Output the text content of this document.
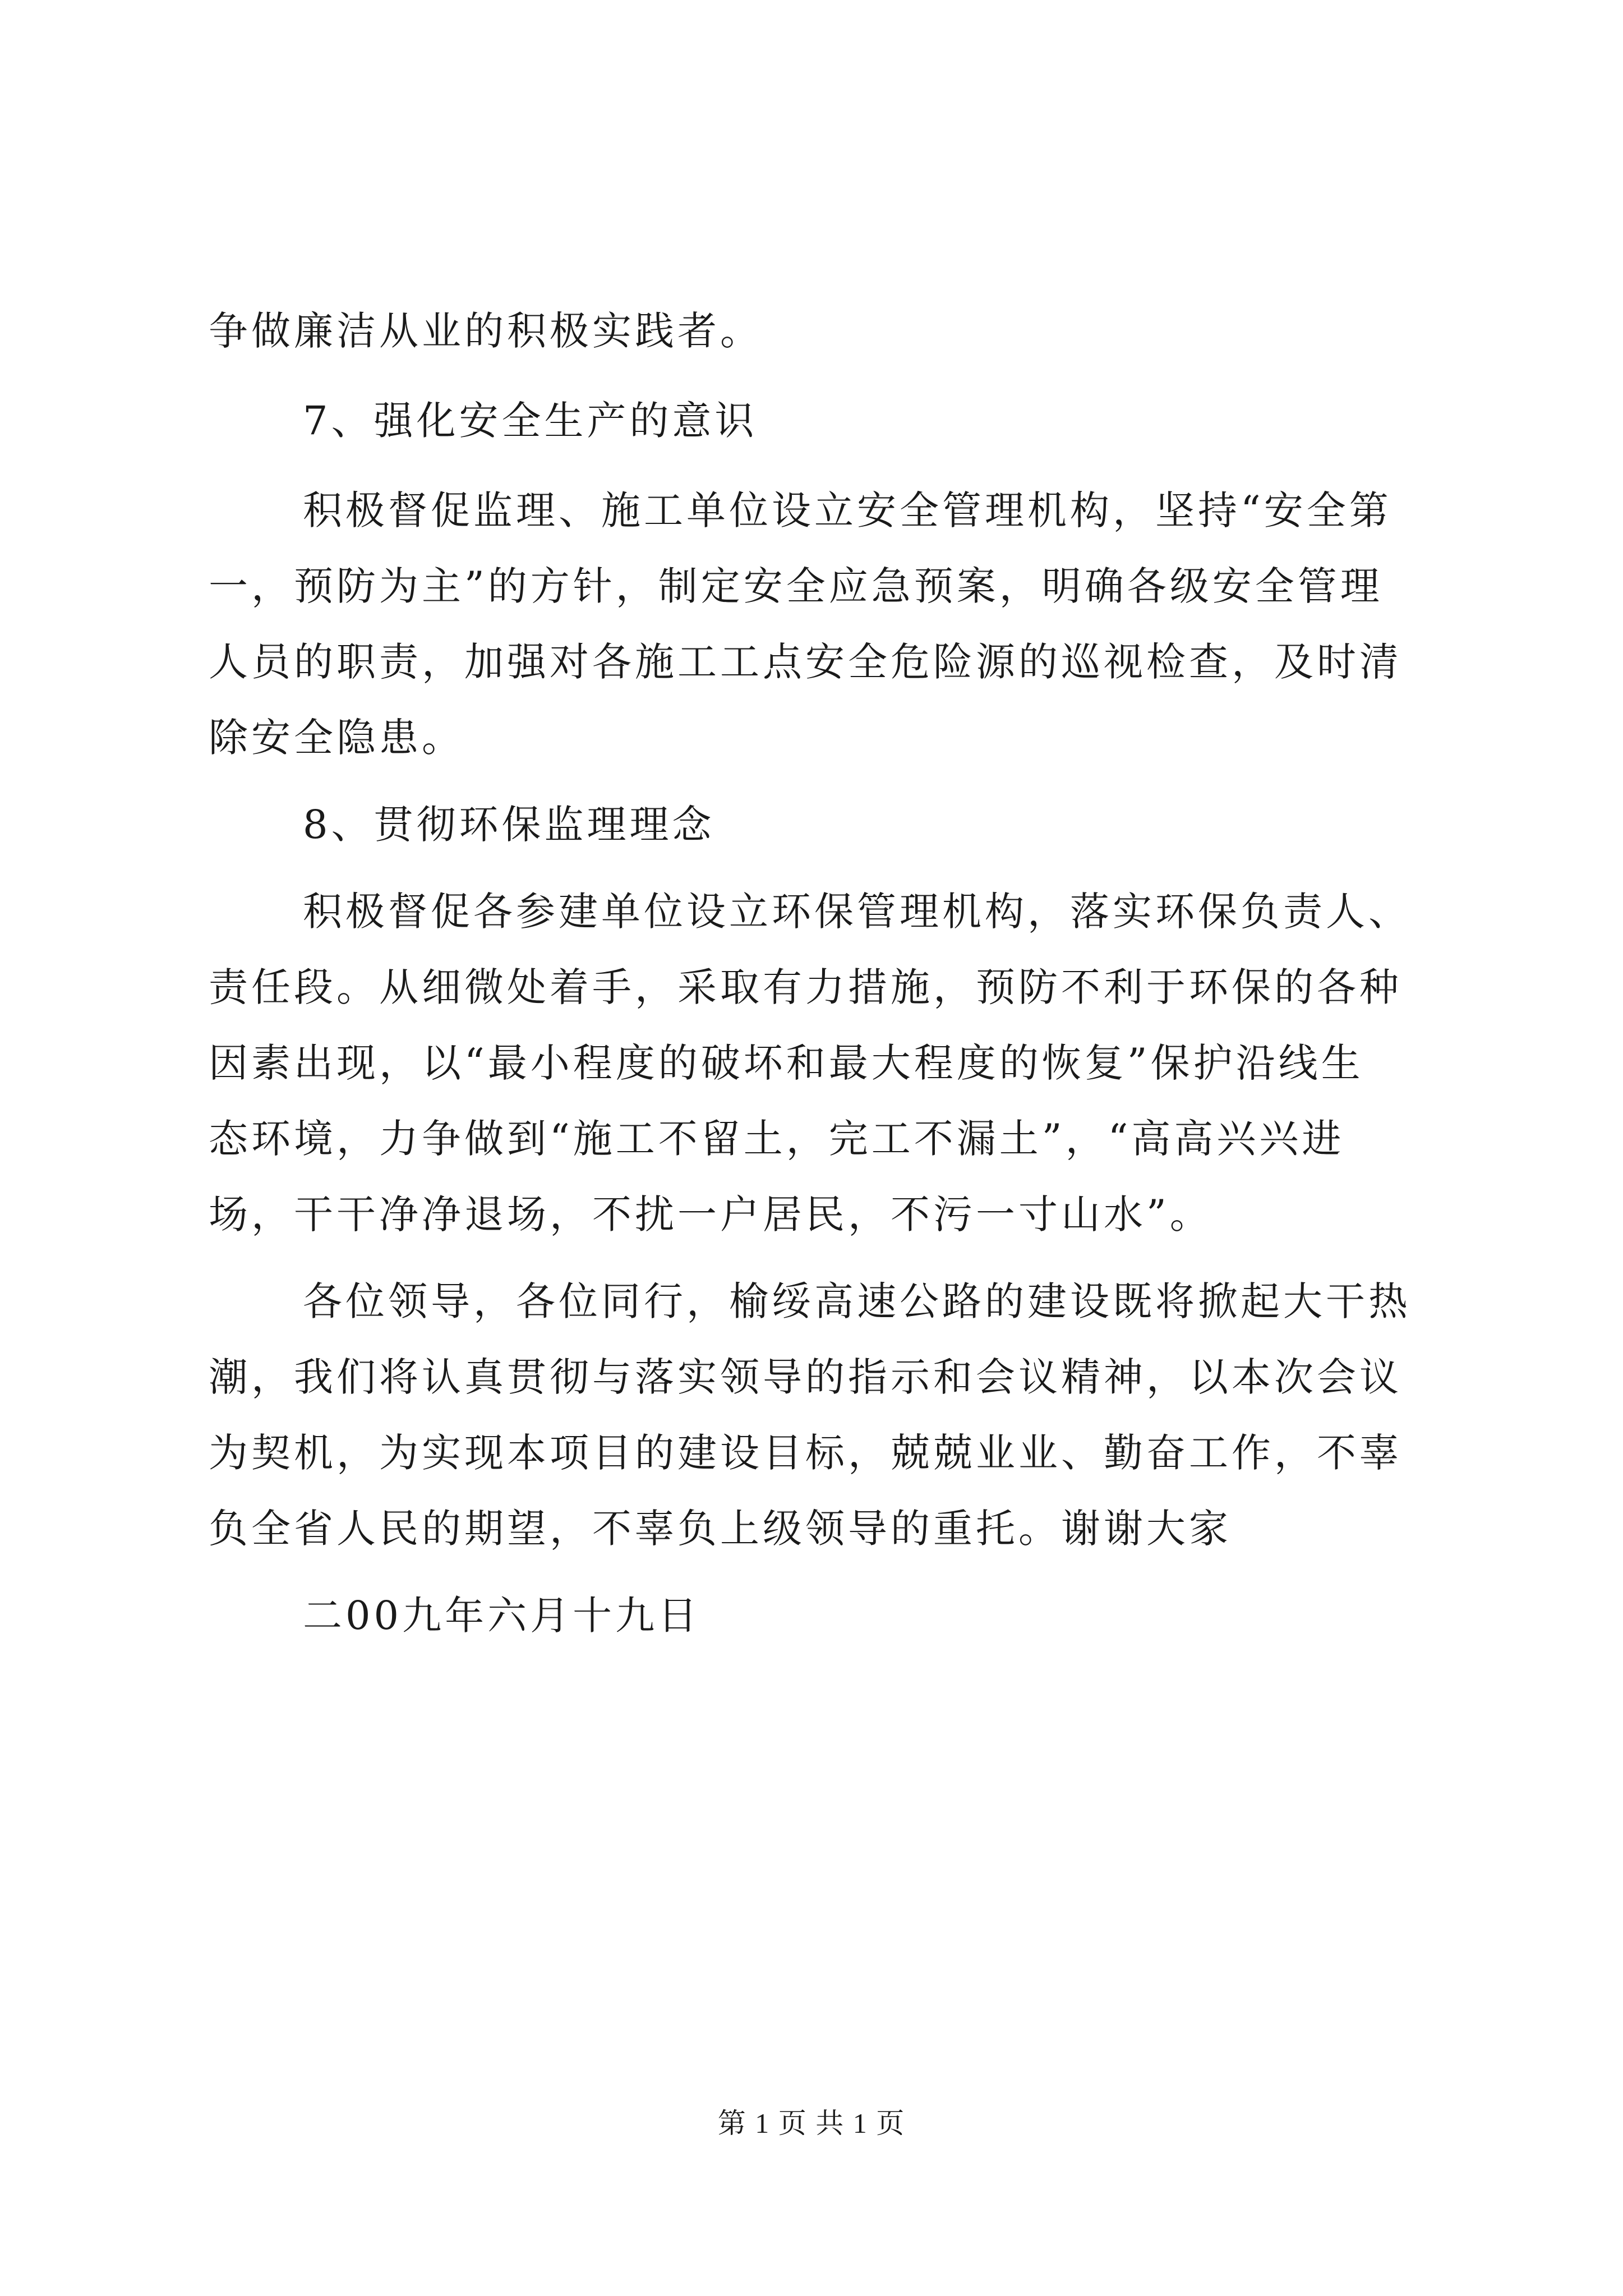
争做廉洁从业的积极实践者。
7、强化安全生产的意识
积极督促监理、施工单位设立安全管理机构，坚持“安全第
一，预防为主”的方针，制定安全应急预案，明确各级安全管理
人员的职责，加强对各施工工点安全危险源的巡视检查，及时清
除安全隐患。
8、贯彻环保监理理念
积极督促各参建单位设立环保管理机构，落实环保负责人、
责任段。从细微处着手，采取有力措施，预防不利于环保的各种
因素出现，以“最小程度的破坏和最大程度的恢复”保护沿线生
态环境，力争做到“施工不留土，完工不漏土”，“高高兴兴进
场，干干净净退场，不扰一户居民，不污一寸山水”。
各位领导，各位同行，榆绥高速公路的建设既将掀起大干热
潮，我们将认真贯彻与落实领导的指示和会议精神，以本次会议
为契机，为实现本项目的建设目标，兢兢业业、勤奋工作，不辜
负全省人民的期望，不辜负上级领导的重托。谢谢大家
二00九年六月十九日
第 1 页 共 1 页
